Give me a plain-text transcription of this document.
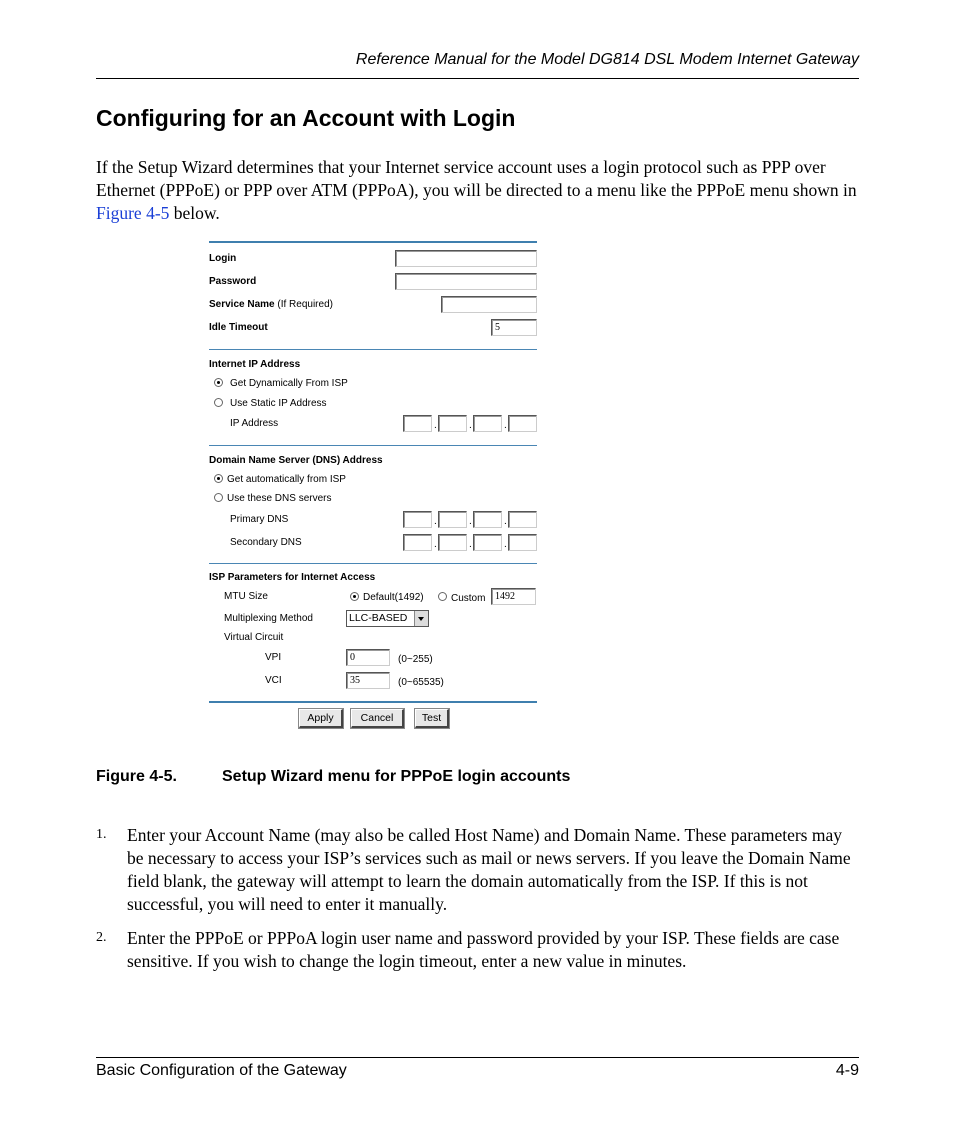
Reference Manual for the Model DG814 DSL Modem Internet Gateway
Configuring for an Account with Login
If the Setup Wizard determines that your Internet service account uses a login protocol such as PPP over Ethernet (PPPoE) or PPP over ATM (PPPoA), you will be directed to a menu like the PPPoE menu shown in Figure 4-5 below.
Login
Password
Service Name (If Required)
Idle Timeout	5
Internet IP Address
Get Dynamically From ISP
Use Static IP Address
IP Address	.	.	.
Domain Name Server (DNS) Address
Get automatically from ISP
Use these DNS servers
Primary DNS	.	.	.
Secondary DNS	.	.	.
ISP Parameters for Internet Access
MTU Size	Default(1492)	Custom 1492
Multiplexing Method	LLC-BASED
Virtual Circuit
VPI	0	(0~255)
VCI	35	(0~65535)
Apply	Cancel	Test
Figure 4-5.	Setup Wizard menu for PPPoE login accounts
1. Enter your Account Name (may also be called Host Name) and Domain Name. These parameters may be necessary to access your ISP’s services such as mail or news servers. If you leave the Domain Name field blank, the gateway will attempt to learn the domain automatically from the ISP. If this is not successful, you will need to enter it manually.
2. Enter the PPPoE or PPPoA login user name and password provided by your ISP. These fields are case sensitive. If you wish to change the login timeout, enter a new value in minutes.
Basic Configuration of the Gateway	4-9
